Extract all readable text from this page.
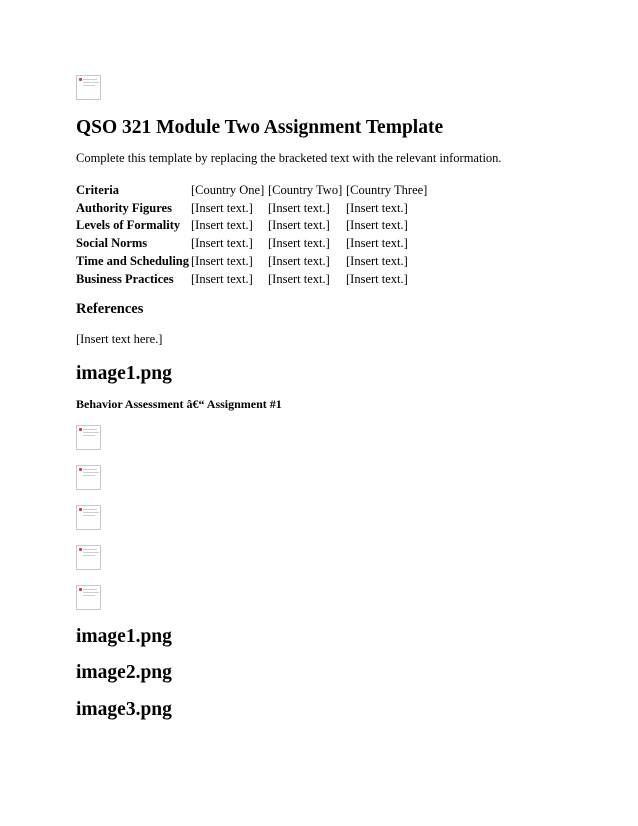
QSO 321 Module Two Assignment Template
Complete this template by replacing the bracketed text with the relevant information.
Criteria	[Country One]	[Country Two]	[Country Three]
Authority Figures	[Insert text.]	[Insert text.]	[Insert text.]
Levels of Formality	[Insert text.]	[Insert text.]	[Insert text.]
Social Norms	[Insert text.]	[Insert text.]	[Insert text.]
Time and Scheduling	[Insert text.]	[Insert text.]	[Insert text.]
Business Practices	[Insert text.]	[Insert text.]	[Insert text.]
References
[Insert text here.]
image1.png
Behavior Assessment â€“ Assignment #1
image1.png
image2.png
image3.png
